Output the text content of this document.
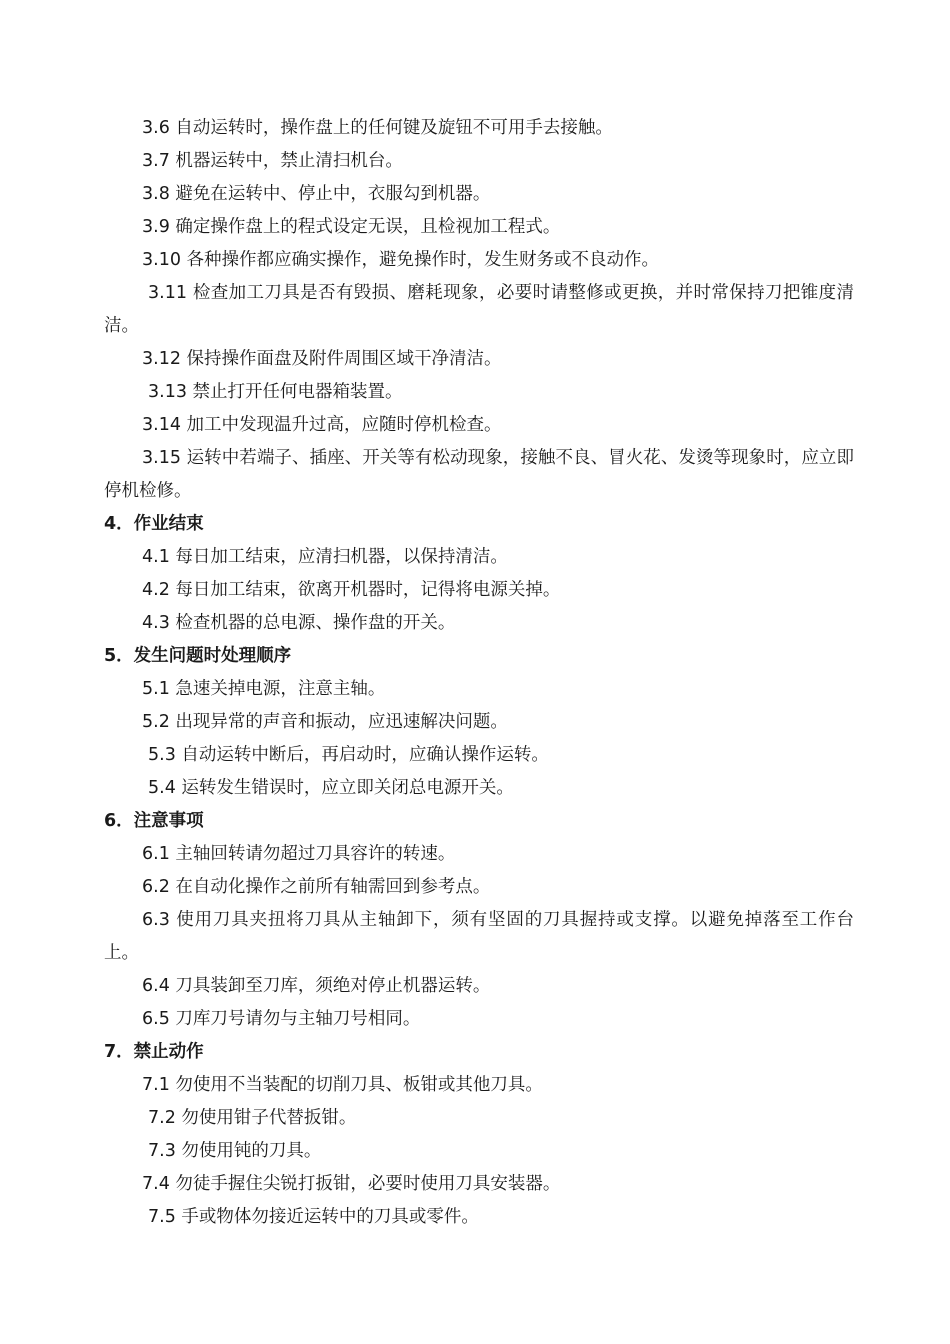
3.6 自动运转时，操作盘上的任何键及旋钮不可用手去接触。
3.7 机器运转中，禁止清扫机台。
3.8 避免在运转中、停止中，衣服勾到机器。
3.9 确定操作盘上的程式设定无误，且检视加工程式。
3.10 各种操作都应确实操作，避免操作时，发生财务或不良动作。
3.11 检查加工刀具是否有毁损、磨耗现象，必要时请整修或更换，并时常保持刀把锥度清洁。
3.12 保持操作面盘及附件周围区域干净清洁。
3.13 禁止打开任何电器箱装置。
3.14 加工中发现温升过高，应随时停机检查。
3.15 运转中若端子、插座、开关等有松动现象，接触不良、冒火花、发烫等现象时，应立即停机检修。
4．作业结束
4.1 每日加工结束，应清扫机器，以保持清洁。
4.2 每日加工结束，欲离开机器时，记得将电源关掉。
4.3 检查机器的总电源、操作盘的开关。
5．发生问题时处理顺序
5.1 急速关掉电源，注意主轴。
5.2 出现异常的声音和振动，应迅速解决问题。
5.3 自动运转中断后，再启动时，应确认操作运转。
5.4 运转发生错误时，应立即关闭总电源开关。
6．注意事项
6.1 主轴回转请勿超过刀具容许的转速。
6.2 在自动化操作之前所有轴需回到参考点。
6.3 使用刀具夹扭将刀具从主轴卸下，须有坚固的刀具握持或支撑。以避免掉落至工作台上。
6.4 刀具装卸至刀库，须绝对停止机器运转。
6.5 刀库刀号请勿与主轴刀号相同。
7．禁止动作
7.1 勿使用不当装配的切削刀具、板钳或其他刀具。
7.2 勿使用钳子代替扳钳。
7.3 勿使用钝的刀具。
7.4 勿徒手握住尖锐打扳钳，必要时使用刀具安装器。
7.5 手或物体勿接近运转中的刀具或零件。
